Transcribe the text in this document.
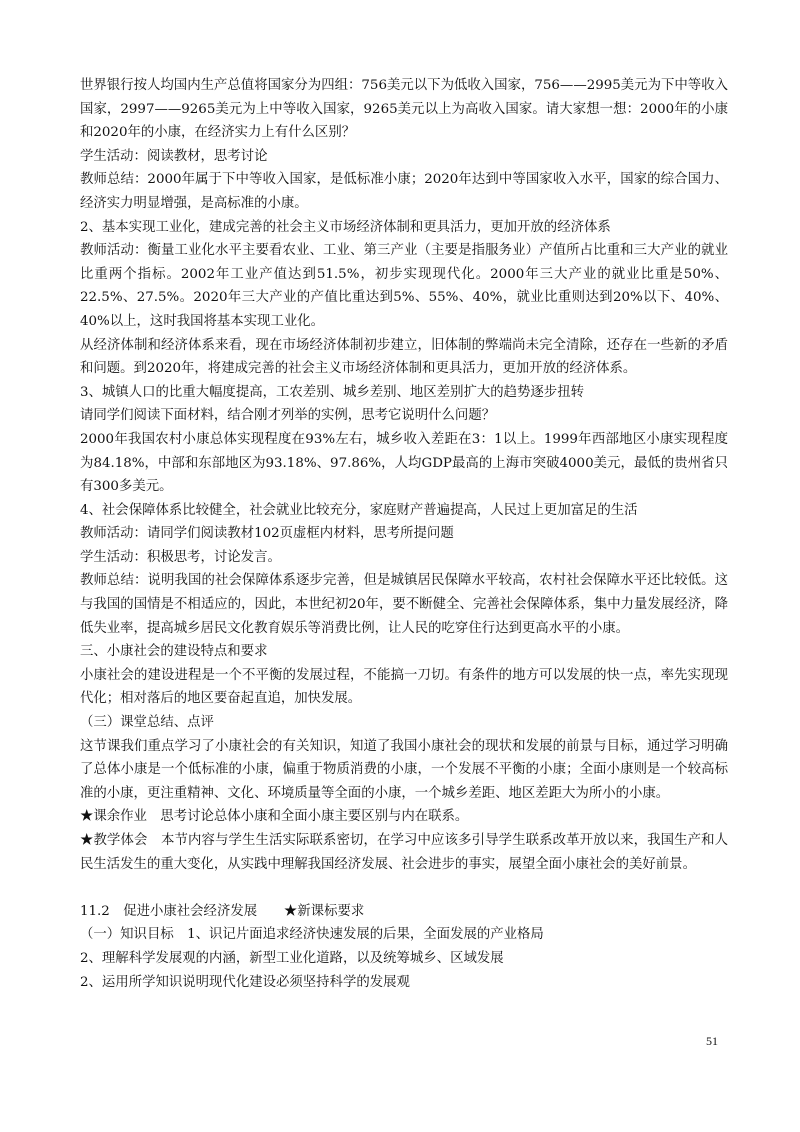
世界银行按人均国内生产总值将国家分为四组：756美元以下为低收入国家，756——2995美元为下中等收入国家，2997——9265美元为上中等收入国家，9265美元以上为高收入国家。请大家想一想：2000年的小康和2020年的小康，在经济实力上有什么区别？

学生活动：阅读教材，思考讨论

教师总结：2000年属于下中等收入国家，是低标准小康；2020年达到中等国家收入水平，国家的综合国力、经济实力明显增强，是高标准的小康。

2、基本实现工业化，建成完善的社会主义市场经济体制和更具活力，更加开放的经济体系

教师活动：衡量工业化水平主要看农业、工业、第三产业（主要是指服务业）产值所占比重和三大产业的就业比重两个指标。2002年工业产值达到51.5%，初步实现现代化。2000年三大产业的就业比重是50%、22.5%、27.5%。2020年三大产业的产值比重达到5%、55%、40%，就业比重则达到20%以下、40%、40%以上，这时我国将基本实现工业化。

从经济体制和经济体系来看，现在市场经济体制初步建立，旧体制的弊端尚未完全清除，还存在一些新的矛盾和问题。到2020年，将建成完善的社会主义市场经济体制和更具活力，更加开放的经济体系。

3、城镇人口的比重大幅度提高，工农差别、城乡差别、地区差别扩大的趋势逐步扭转

请同学们阅读下面材料，结合刚才列举的实例，思考它说明什么问题？

2000年我国农村小康总体实现程度在93%左右，城乡收入差距在3：1以上。1999年西部地区小康实现程度为84.18%，中部和东部地区为93.18%、97.86%，人均GDP最高的上海市突破4000美元，最低的贵州省只有300多美元。

4、社会保障体系比较健全，社会就业比较充分，家庭财产普遍提高，人民过上更加富足的生活

教师活动：请同学们阅读教材102页虚框内材料，思考所提问题

学生活动：积极思考，讨论发言。

教师总结：说明我国的社会保障体系逐步完善，但是城镇居民保障水平较高，农村社会保障水平还比较低。这与我国的国情是不相适应的，因此，本世纪初20年，要不断健全、完善社会保障体系，集中力量发展经济，降低失业率，提高城乡居民文化教育娱乐等消费比例，让人民的吃穿住行达到更高水平的小康。

三、小康社会的建设特点和要求

小康社会的建设进程是一个不平衡的发展过程，不能搞一刀切。有条件的地方可以发展的快一点，率先实现现代化；相对落后的地区要奋起直追，加快发展。

（三）课堂总结、点评

这节课我们重点学习了小康社会的有关知识，知道了我国小康社会的现状和发展的前景与目标，通过学习明确了总体小康是一个低标准的小康，偏重于物质消费的小康，一个发展不平衡的小康；全面小康则是一个较高标准的小康，更注重精神、文化、环境质量等全面的小康，一个城乡差距、地区差距大为所小的小康。

★课余作业　思考讨论总体小康和全面小康主要区别与内在联系。

★教学体会　本节内容与学生生活实际联系密切，在学习中应该多引导学生联系改革开放以来，我国生产和人民生活发生的重大变化，从实践中理解我国经济发展、社会进步的事实，展望全面小康社会的美好前景。

11.2　促进小康社会经济发展　　★新课标要求

（一）知识目标　1、识记片面追求经济快速发展的后果，全面发展的产业格局

2、理解科学发展观的内涵，新型工业化道路，以及统筹城乡、区域发展

2、运用所学知识说明现代化建设必须坚持科学的发展观

51
